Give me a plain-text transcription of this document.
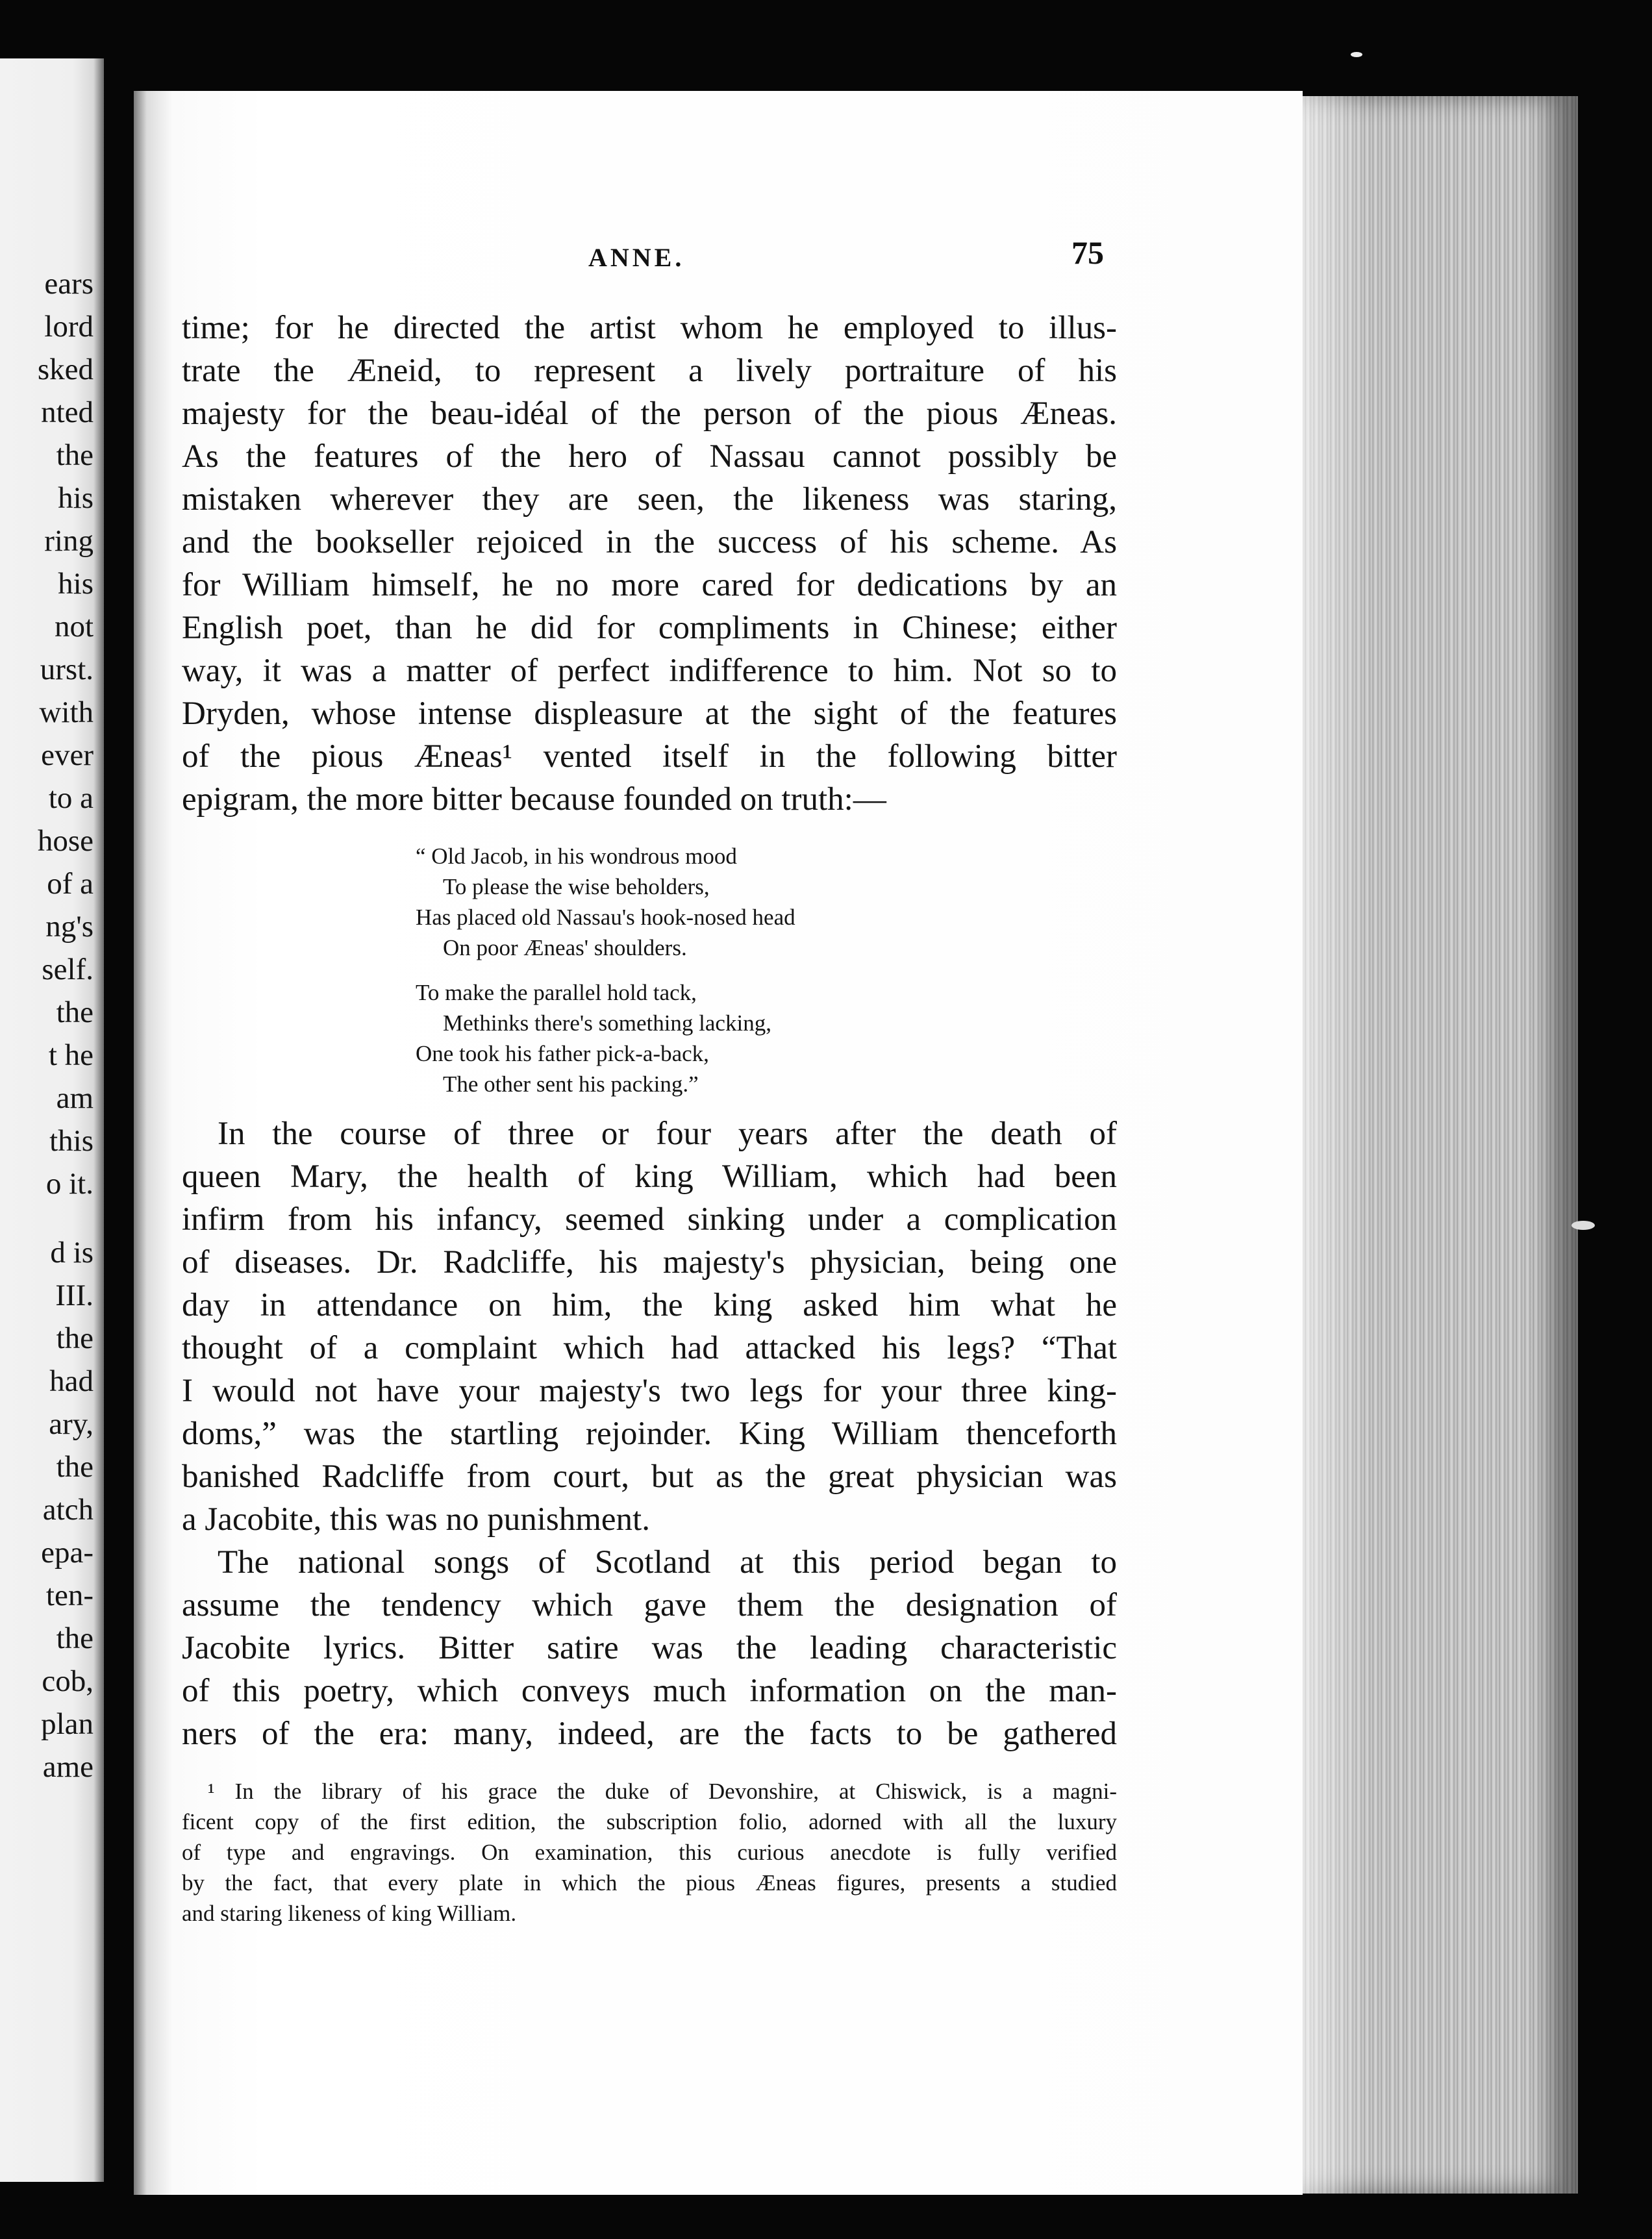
ears
lord
sked
nted
the
his
ring
his
not
urst.
with
ever
to a
hose
of a
ng's
self.
the
t he
am
this
o it.
d is
III.
the
had
ary,
the
atch
epa-
ten-
the
cob,
plan
ame
ANNE.	75
time; for he directed the artist whom he employed to illus-
trate the Æneid, to represent a lively portraiture of his
majesty for the beau-idéal of the person of the pious Æneas.
As the features of the hero of Nassau cannot possibly be
mistaken wherever they are seen, the likeness was staring,
and the bookseller rejoiced in the success of his scheme. As
for William himself, he no more cared for dedications by an
English poet, than he did for compliments in Chinese; either
way, it was a matter of perfect indifference to him. Not so to
Dryden, whose intense displeasure at the sight of the features
of the pious Æneas¹ vented itself in the following bitter
epigram, the more bitter because founded on truth:—
“ Old Jacob, in his wondrous mood
To please the wise beholders,
Has placed old Nassau's hook-nosed head
On poor Æneas' shoulders.
To make the parallel hold tack,
Methinks there's something lacking,
One took his father pick-a-back,
The other sent his packing.”
In the course of three or four years after the death of
queen Mary, the health of king William, which had been
infirm from his infancy, seemed sinking under a complication
of diseases. Dr. Radcliffe, his majesty's physician, being one
day in attendance on him, the king asked him what he
thought of a complaint which had attacked his legs? “That
I would not have your majesty's two legs for your three king-
doms,” was the startling rejoinder. King William thenceforth
banished Radcliffe from court, but as the great physician was
a Jacobite, this was no punishment.
The national songs of Scotland at this period began to
assume the tendency which gave them the designation of
Jacobite lyrics. Bitter satire was the leading characteristic
of this poetry, which conveys much information on the man-
ners of the era: many, indeed, are the facts to be gathered
¹ In the library of his grace the duke of Devonshire, at Chiswick, is a magni-
ficent copy of the first edition, the subscription folio, adorned with all the luxury
of type and engravings. On examination, this curious anecdote is fully verified
by the fact, that every plate in which the pious Æneas figures, presents a studied
and staring likeness of king William.
